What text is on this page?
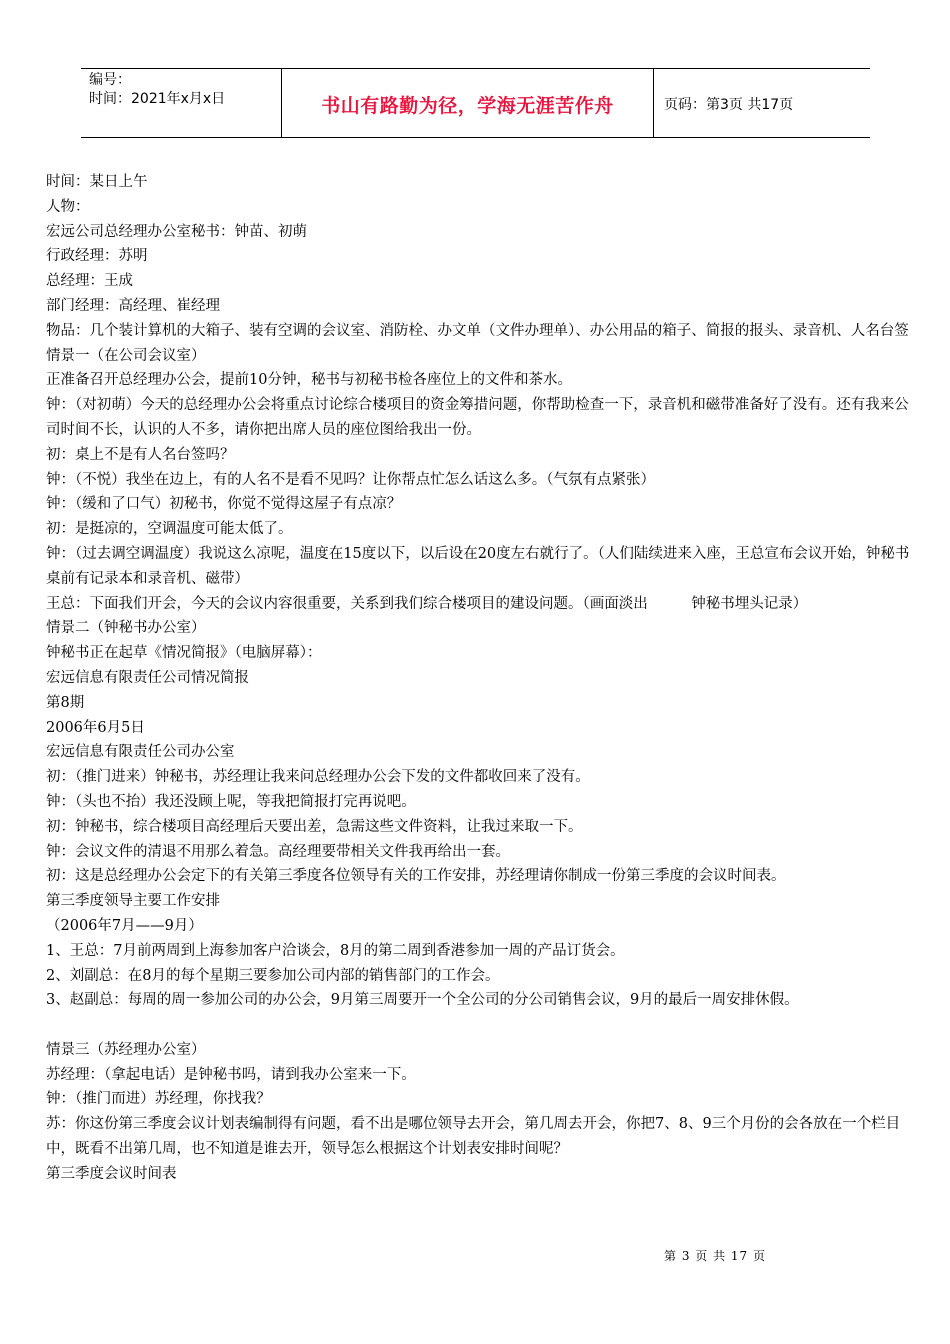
编号：
时间：2021年x月x日	书山有路勤为径，学海无涯苦作舟	页码：第3页 共17页

时间：某日上午

人物：

宏远公司总经理办公室秘书：钟苗、初萌

行政经理：苏明

总经理：王成

部门经理：高经理、崔经理

物品：几个装计算机的大箱子、装有空调的会议室、消防栓、办文单（文件办理单）、办公用品的箱子、简报的报头、录音机、人名台签

情景一（在公司会议室）

正准备召开总经理办公会，提前10分钟，秘书与初秘书检各座位上的文件和茶水。

钟：（对初萌）今天的总经理办公会将重点讨论综合楼项目的资金筹措问题，你帮助检查一下，录音机和磁带准备好了没有。还有我来公司时间不长，认识的人不多，请你把出席人员的座位图给我出一份。

初：桌上不是有人名台签吗？

钟：（不悦）我坐在边上，有的人名不是看不见吗？让你帮点忙怎么话这么多。（气氛有点紧张）

钟：（缓和了口气）初秘书，你觉不觉得这屋子有点凉？

初：是挺凉的，空调温度可能太低了。

钟：（过去调空调温度）我说这么凉呢，温度在15度以下，以后设在20度左右就行了。（人们陆续进来入座，王总宣布会议开始，钟秘书桌前有记录本和录音机、磁带）

王总：下面我们开会，今天的会议内容很重要，关系到我们综合楼项目的建设问题。（画面淡出　　　钟秘书埋头记录）

情景二（钟秘书办公室）

钟秘书正在起草《情况简报》（电脑屏幕）：

宏远信息有限责任公司情况简报

第8期

2006年6月5日

宏远信息有限责任公司办公室

初：（推门进来）钟秘书，苏经理让我来问总经理办公会下发的文件都收回来了没有。

钟：（头也不抬）我还没顾上呢，等我把简报打完再说吧。

初：钟秘书，综合楼项目高经理后天要出差，急需这些文件资料，让我过来取一下。

钟：会议文件的清退不用那么着急。高经理要带相关文件我再给出一套。

初：这是总经理办公会定下的有关第三季度各位领导有关的工作安排，苏经理请你制成一份第三季度的会议时间表。

第三季度领导主要工作安排

（2006年7月——9月）

1、王总：7月前两周到上海参加客户洽谈会，8月的第二周到香港参加一周的产品订货会。

2、刘副总：在8月的每个星期三要参加公司内部的销售部门的工作会。

3、赵副总：每周的周一参加公司的办公会，9月第三周要开一个全公司的分公司销售会议，9月的最后一周安排休假。

情景三（苏经理办公室）

苏经理：（拿起电话）是钟秘书吗，请到我办公室来一下。

钟：（推门而进）苏经理，你找我？

苏：你这份第三季度会议计划表编制得有问题，看不出是哪位领导去开会，第几周去开会，你把7、8、9三个月份的会各放在一个栏目中，既看不出第几周，也不知道是谁去开，领导怎么根据这个计划表安排时间呢？

第三季度会议时间表

第 3 页 共 17 页
